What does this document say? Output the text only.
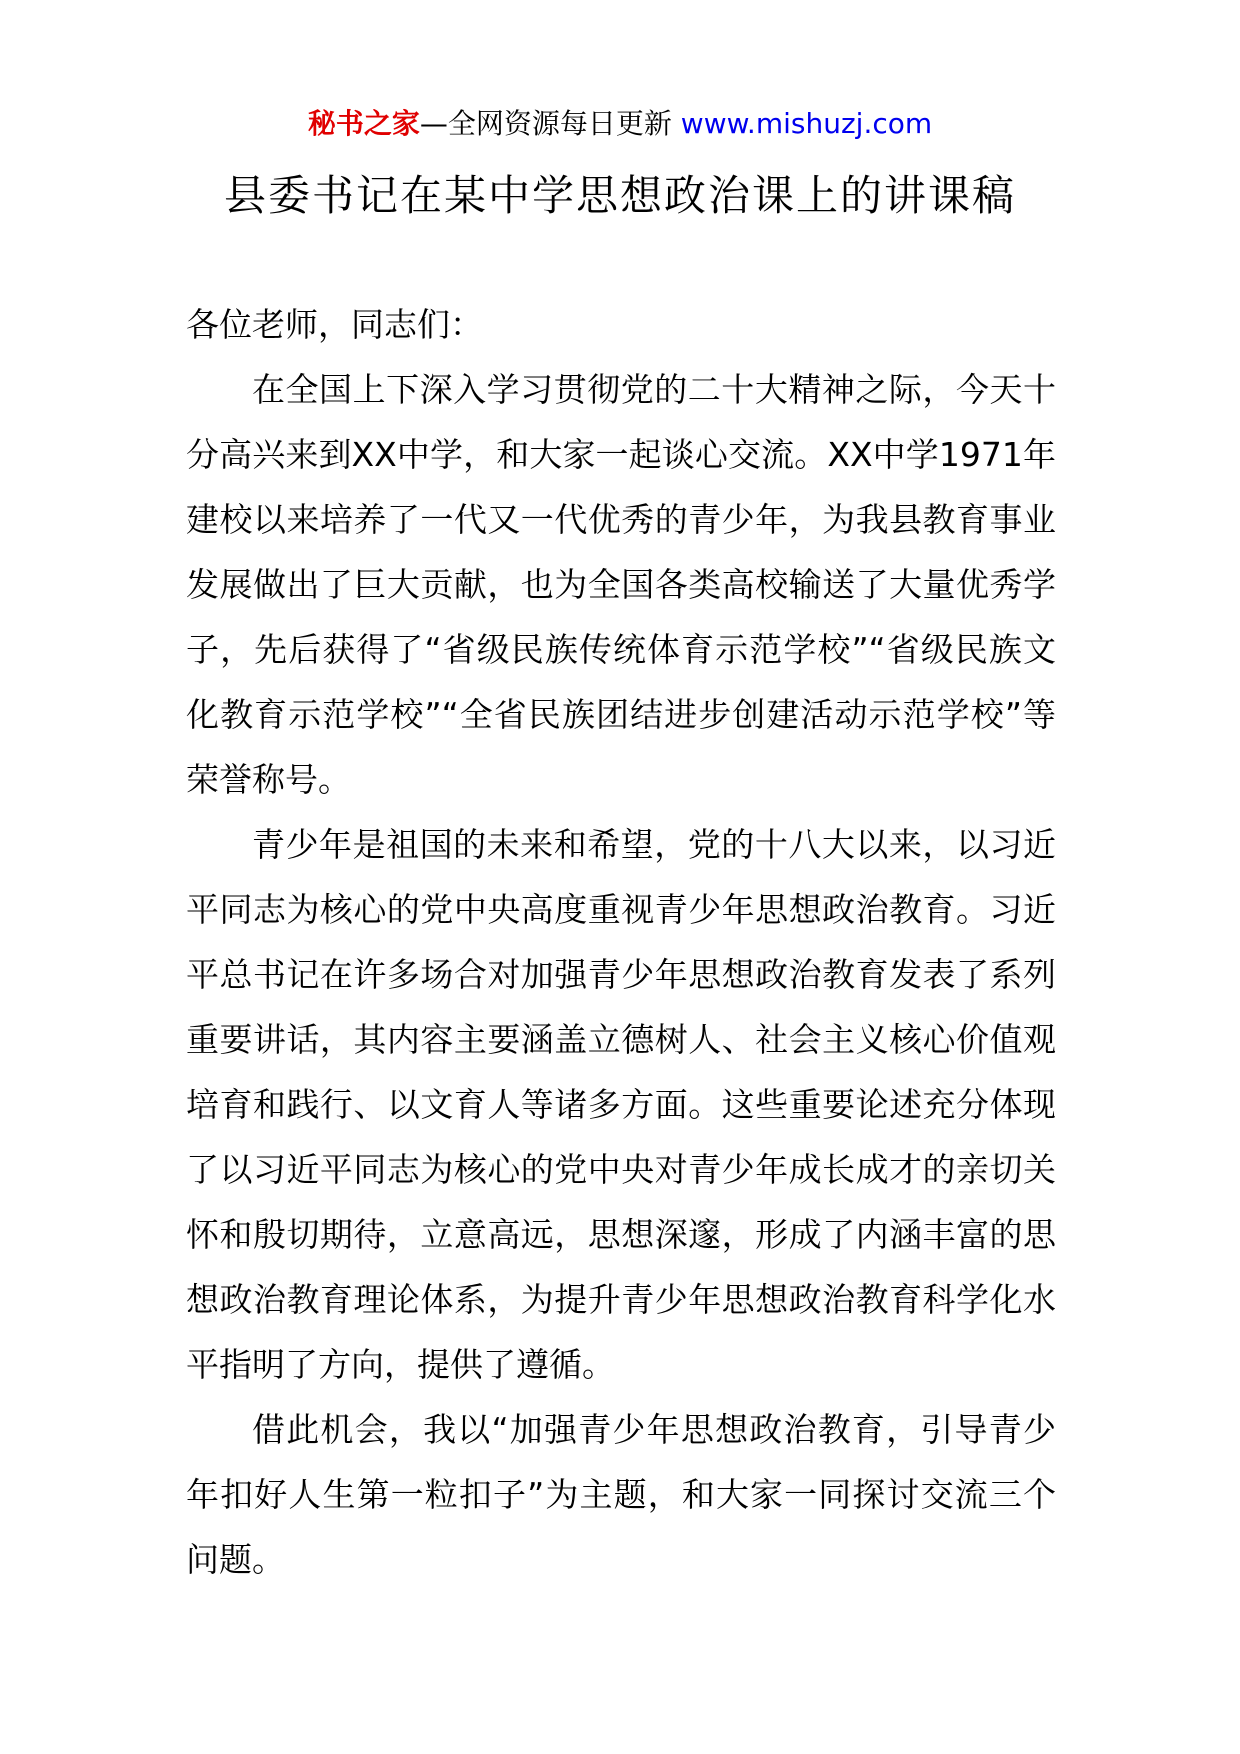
秘书之家—全网资源每日更新 www.mishuzj.com
县委书记在某中学思想政治课上的讲课稿

各位老师，同志们：

在全国上下深入学习贯彻党的二十大精神之际，今天十分高兴来到XX中学，和大家一起谈心交流。XX中学1971年建校以来培养了一代又一代优秀的青少年，为我县教育事业发展做出了巨大贡献，也为全国各类高校输送了大量优秀学子，先后获得了“省级民族传统体育示范学校”“省级民族文化教育示范学校”“全省民族团结进步创建活动示范学校”等荣誉称号。

青少年是祖国的未来和希望，党的十八大以来，以习近平同志为核心的党中央高度重视青少年思想政治教育。习近平总书记在许多场合对加强青少年思想政治教育发表了系列重要讲话，其内容主要涵盖立德树人、社会主义核心价值观培育和践行、以文育人等诸多方面。这些重要论述充分体现了以习近平同志为核心的党中央对青少年成长成才的亲切关怀和殷切期待，立意高远，思想深邃，形成了内涵丰富的思想政治教育理论体系，为提升青少年思想政治教育科学化水平指明了方向，提供了遵循。

借此机会，我以“加强青少年思想政治教育，引导青少年扣好人生第一粒扣子”为主题，和大家一同探讨交流三个问题。
